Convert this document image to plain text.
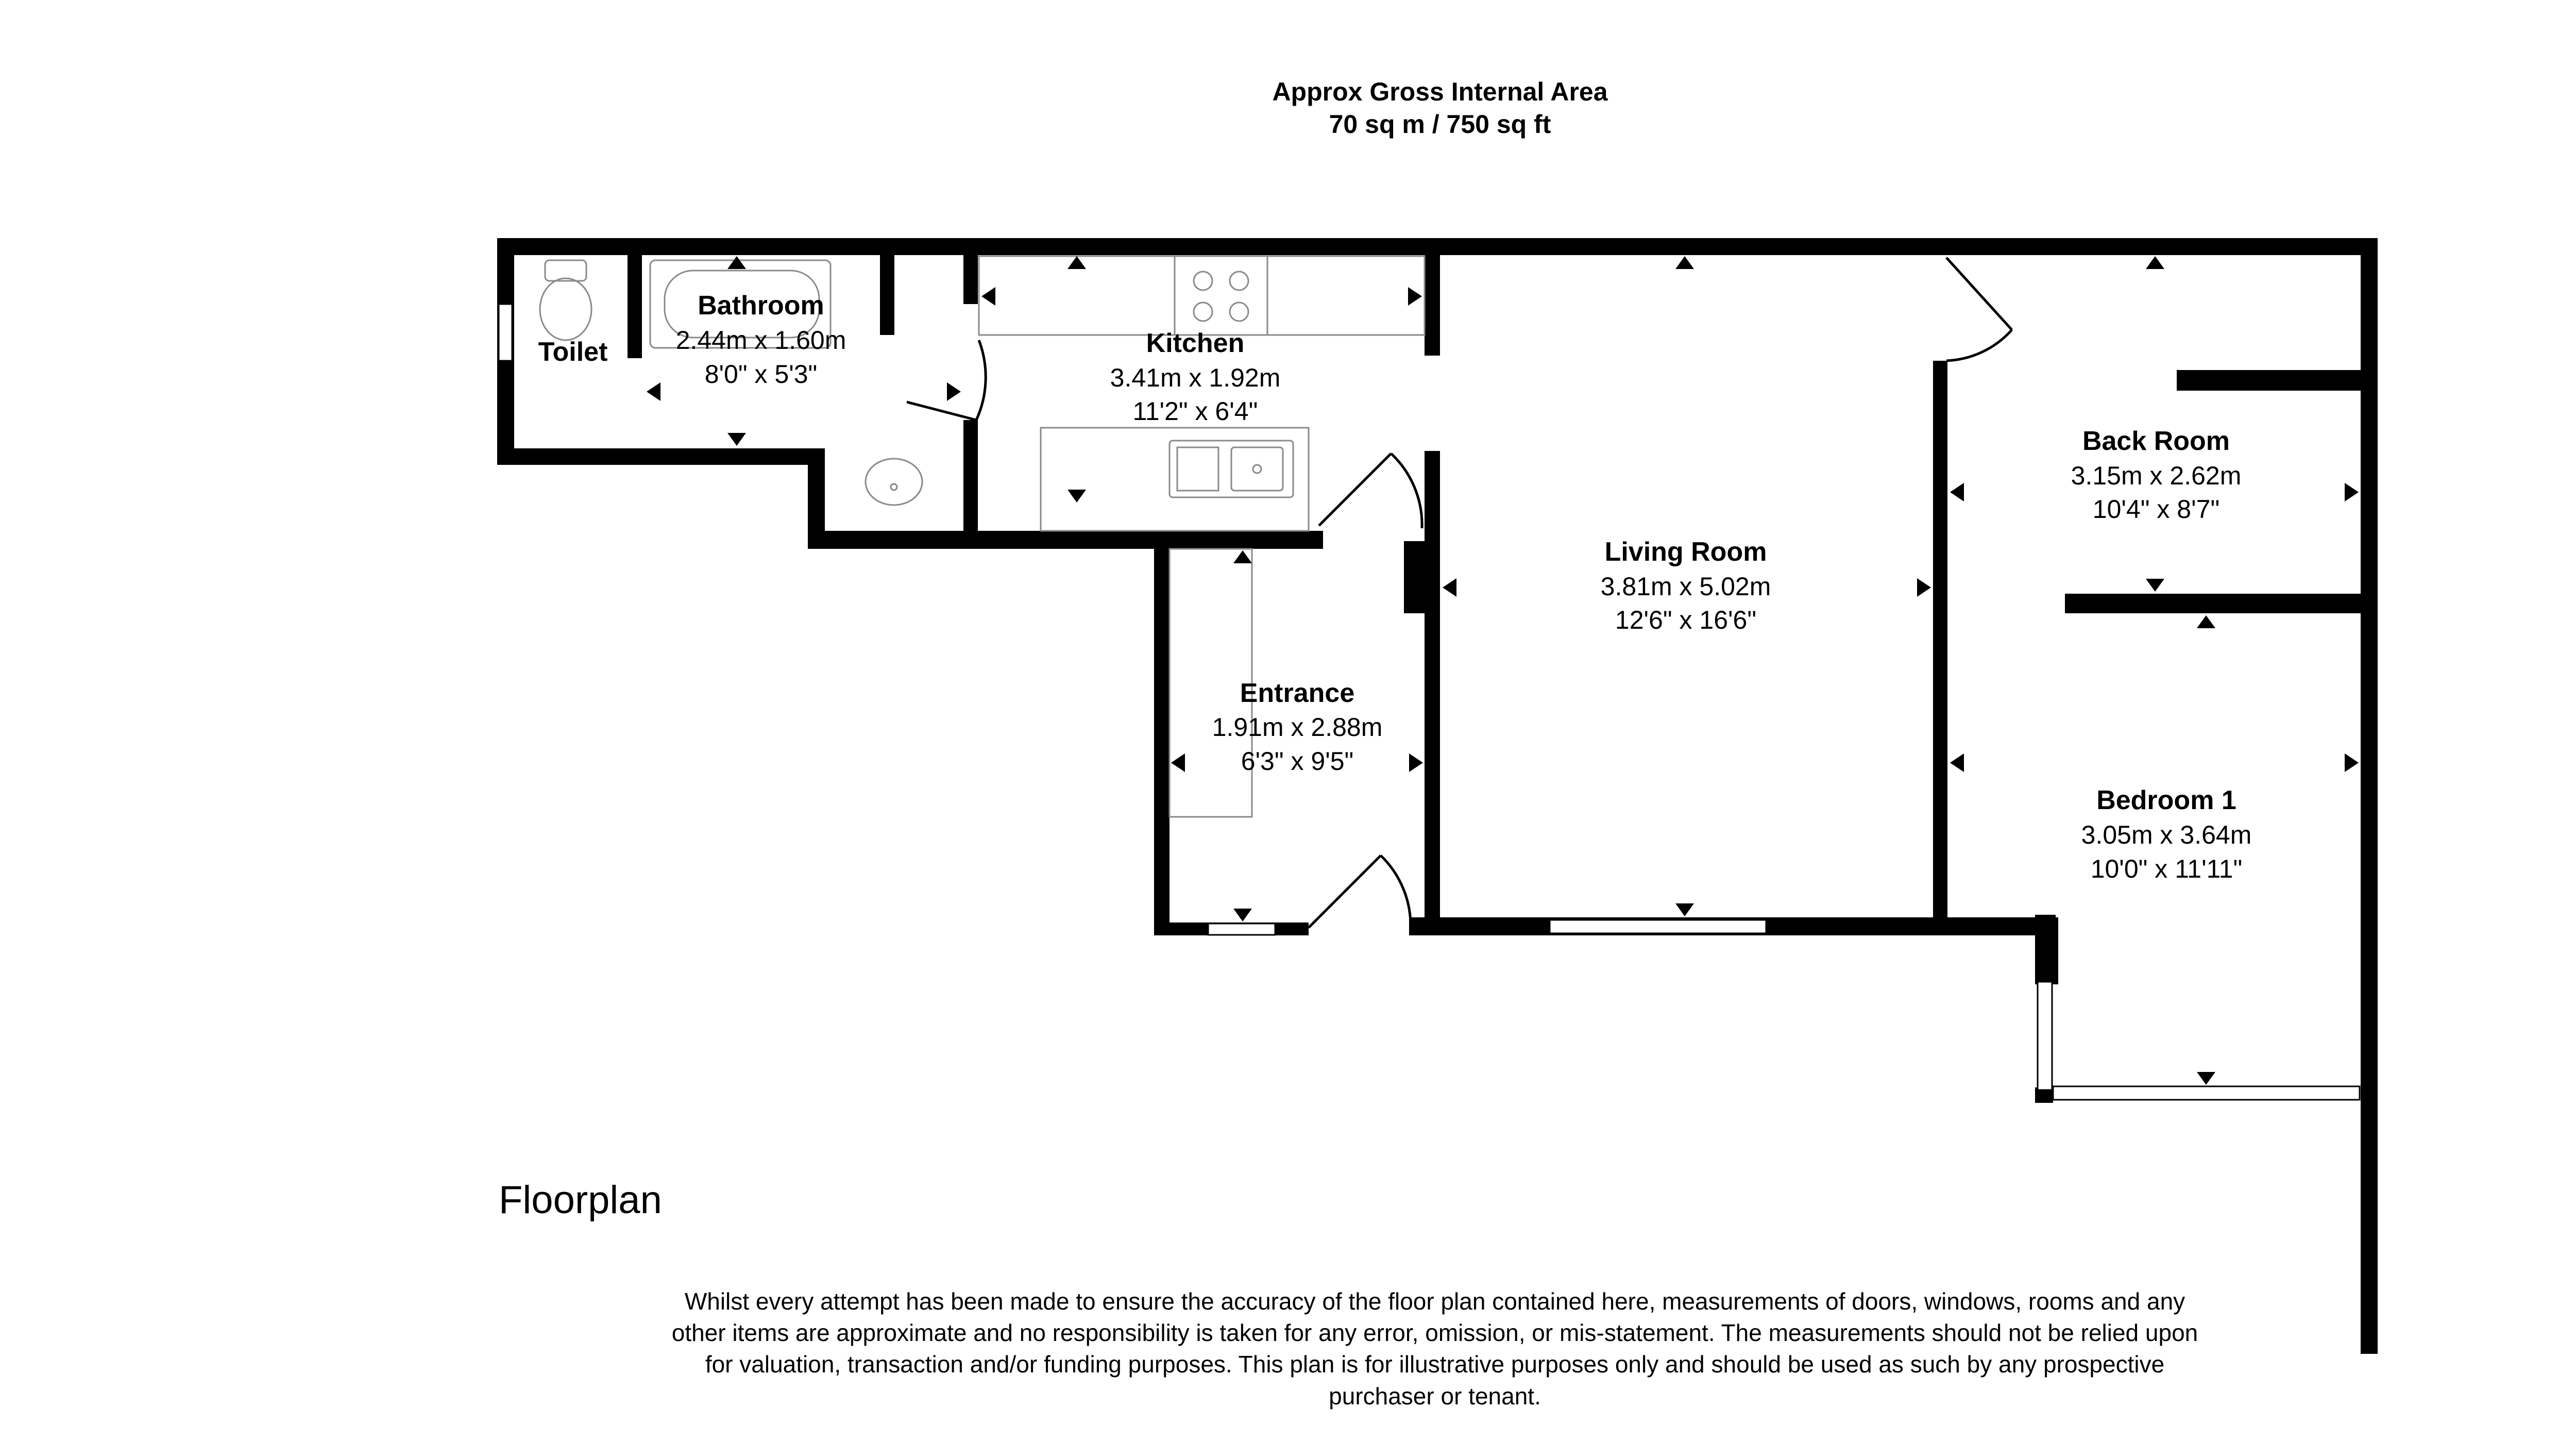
Approx Gross Internal Area
70 sq m / 750 sq ft
Toilet
Bathroom
2.44m x 1.60m
8'0" x 5'3"
Kitchen
3.41m x 1.92m
11'2" x 6'4"
Living Room
3.81m x 5.02m
12'6" x 16'6"
Entrance
1.91m x 2.88m
6'3" x 9'5"
Back Room
3.15m x 2.62m
10'4" x 8'7"
Bedroom 1
3.05m x 3.64m
10'0" x 11'11"

Floorplan

Whilst every attempt has been made to ensure the accuracy of the floor plan contained here, measurements of doors, windows, rooms and any other items are approximate and no responsibility is taken for any error, omission, or mis-statement. The measurements should not be relied upon for valuation, transaction and/or funding purposes. This plan is for illustrative purposes only and should be used as such by any prospective purchaser or tenant.
